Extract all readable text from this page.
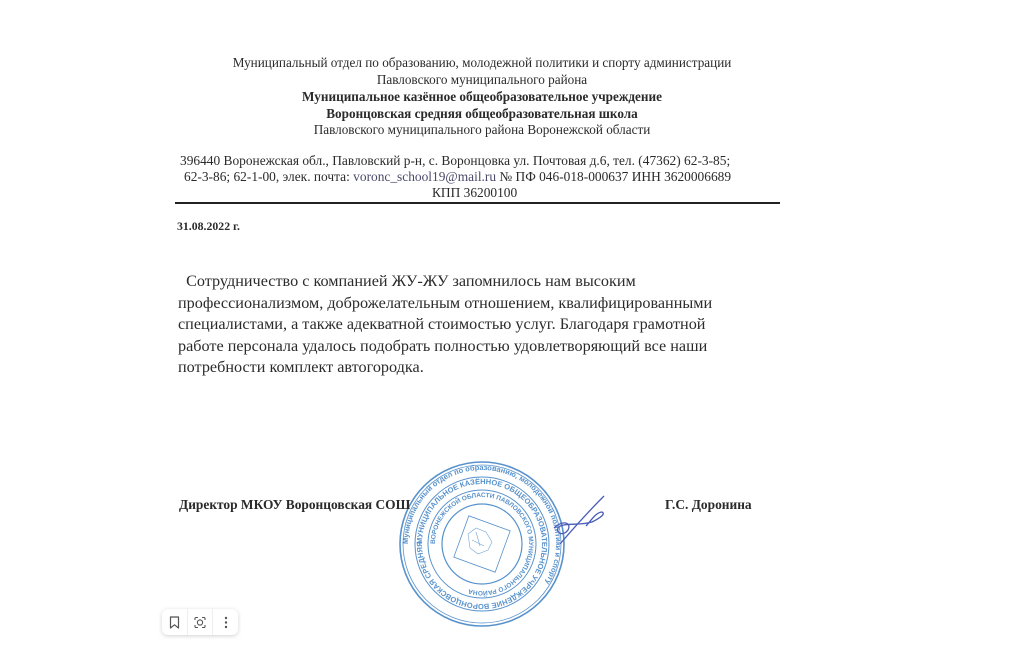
Муниципальный отдел по образованию, молодежной политики и спорту администрации
Павловского муниципального района
Муниципальное казённое общеобразовательное учреждение
Воронцовская средняя общеобразовательная школа
Павловского муниципального района Воронежской области
396440 Воронежская обл., Павловский р-н, с. Воронцовка ул. Почтовая д.6, тел. (47362) 62-3-85;
62-3-86; 62-1-00, элек. почта: voronc_school19@mail.ru № ПФ 046-018-000637 ИНН 3620006689
КПП 36200100
31.08.2022 г.
Сотрудничество с компанией ЖУ-ЖУ запомнилось нам высоким
профессионализмом, доброжелательным отношением, квалифицированными
специалистами, а также адекватной стоимостью услуг. Благодаря грамотной
работе персонала удалось подобрать полностью удовлетворяющий все наши
потребности комплект автогородка.
Муниципальный отдел по образованию, молодежной политики и спорту
МУНИЦИПАЛЬНОЕ КАЗЁННОЕ ОБЩЕОБРАЗОВАТЕЛЬНОЕ УЧРЕЖДЕНИЕ ВОРОНЦОВСКАЯ СРЕДНЯЯ ВОРОНЕЖСКОЙ ОБЛАСТИ ПАВЛОВСКОГО МУНИЦИПАЛЬНОГО РАЙОНА
Директор МКОУ Воронцовская СОШ	Г.С. Доронина
